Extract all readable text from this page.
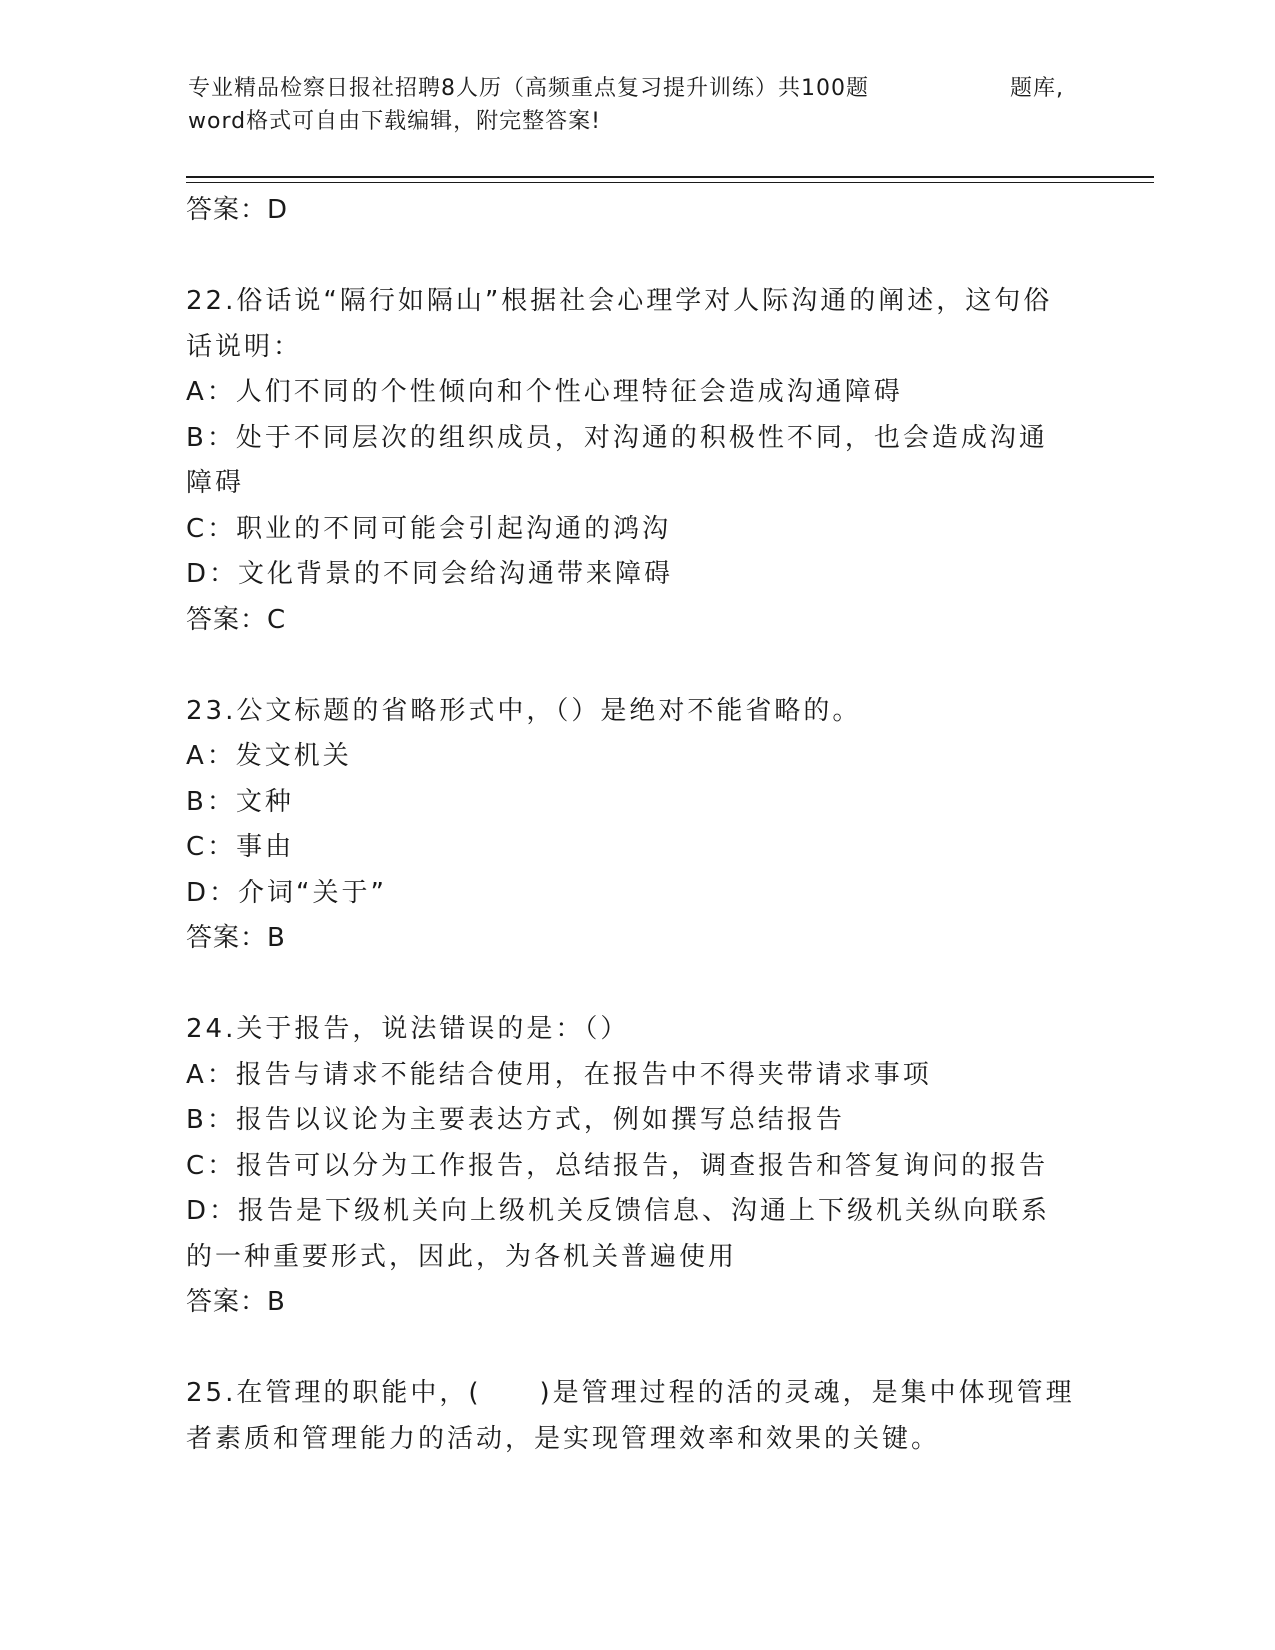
专业精品检察日报社招聘8人历（高频重点复习提升训练）共100题	题库,
word格式可自由下载编辑，附完整答案!

答案：D

22.俗话说“隔行如隔山”根据社会心理学对人际沟通的阐述，这句俗话说明：

A：人们不同的个性倾向和个性心理特征会造成沟通障碍

B：处于不同层次的组织成员，对沟通的积极性不同，也会造成沟通障碍

C：职业的不同可能会引起沟通的鸿沟

D：文化背景的不同会给沟通带来障碍

答案：C

23.公文标题的省略形式中，（）是绝对不能省略的。

A：发文机关

B：文种

C：事由

D：介词“关于”

答案：B

24.关于报告，说法错误的是：（）

A：报告与请求不能结合使用，在报告中不得夹带请求事项

B：报告以议论为主要表达方式，例如撰写总结报告

C：报告可以分为工作报告，总结报告，调查报告和答复询问的报告

D：报告是下级机关向上级机关反馈信息、沟通上下级机关纵向联系的一种重要形式，因此，为各机关普遍使用

答案：B

25.在管理的职能中，(　　)是管理过程的活的灵魂，是集中体现管理者素质和管理能力的活动，是实现管理效率和效果的关键。
